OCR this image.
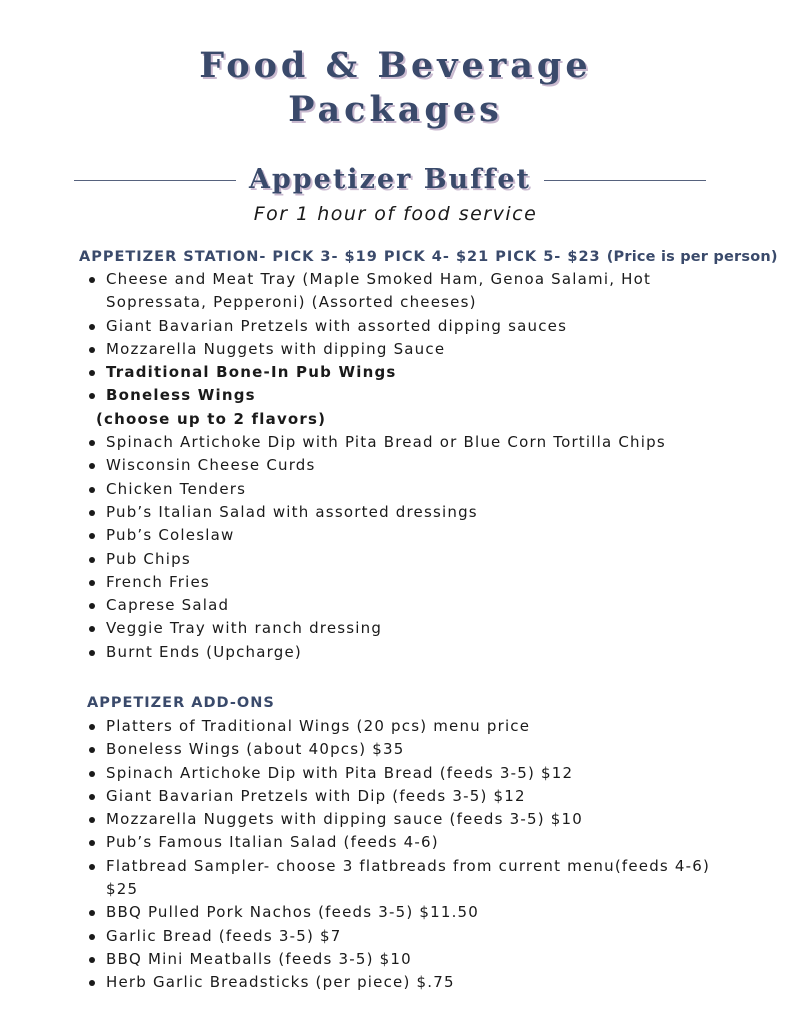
Food & Beverage
Packages
Appetizer Buffet
For 1 hour of food service
APPETIZER STATION- PICK 3- $19 PICK 4- $21 PICK 5- $23 (Price is per person)
Cheese and Meat Tray (Maple Smoked Ham, Genoa Salami, Hot
Sopressata, Pepperoni) (Assorted cheeses)
Giant Bavarian Pretzels with assorted dipping sauces
Mozzarella Nuggets with dipping Sauce
Traditional Bone-In Pub Wings
Boneless Wings
(choose up to 2 flavors)
Spinach Artichoke Dip with Pita Bread or Blue Corn Tortilla Chips
Wisconsin Cheese Curds
Chicken Tenders
Pub’s Italian Salad with assorted dressings
Pub’s Coleslaw
Pub Chips
French Fries
Caprese Salad
Veggie Tray with ranch dressing
Burnt Ends (Upcharge)
APPETIZER ADD-ONS
Platters of Traditional Wings (20 pcs) menu price
Boneless Wings (about 40pcs) $35
Spinach Artichoke Dip with Pita Bread (feeds 3-5) $12
Giant Bavarian Pretzels with Dip (feeds 3-5) $12
Mozzarella Nuggets with dipping sauce (feeds 3-5) $10
Pub’s Famous Italian Salad (feeds 4-6)
Flatbread Sampler- choose 3 flatbreads from current menu(feeds 4-6)
$25
BBQ Pulled Pork Nachos (feeds 3-5) $11.50
Garlic Bread (feeds 3-5) $7
BBQ Mini Meatballs (feeds 3-5) $10
Herb Garlic Breadsticks (per piece) $.75
